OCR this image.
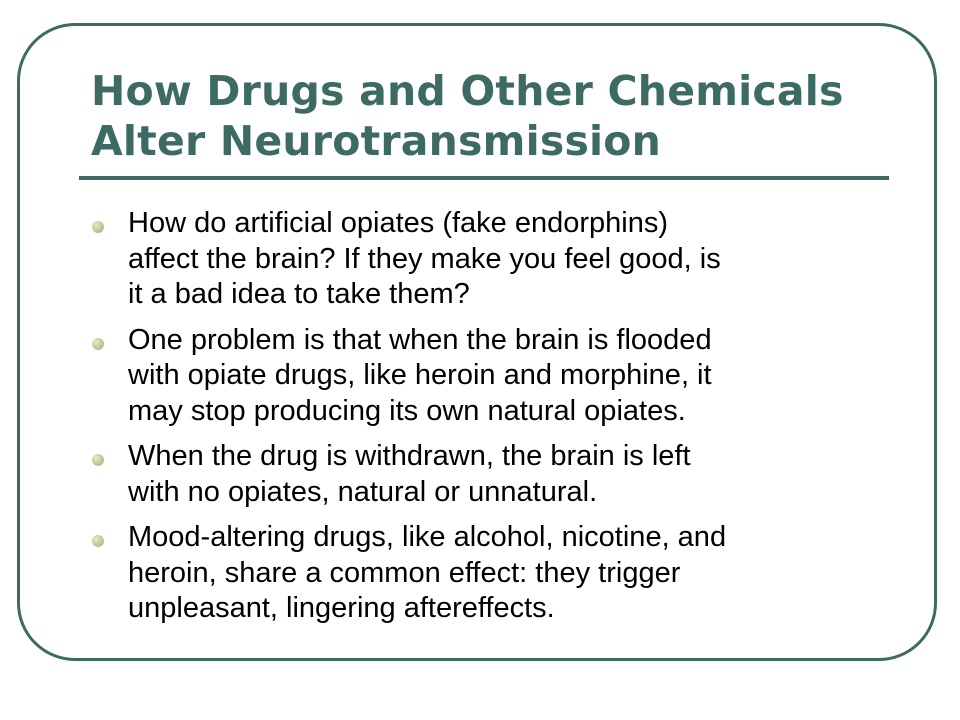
How Drugs and Other Chemicals
Alter Neurotransmission
How do artificial opiates (fake endorphins)
affect the brain? If they make you feel good, is
it a bad idea to take them?
One problem is that when the brain is flooded
with opiate drugs, like heroin and morphine, it
may stop producing its own natural opiates.
When the drug is withdrawn, the brain is left
with no opiates, natural or unnatural.
Mood-altering drugs, like alcohol, nicotine, and
heroin, share a common effect: they trigger
unpleasant, lingering aftereffects.
